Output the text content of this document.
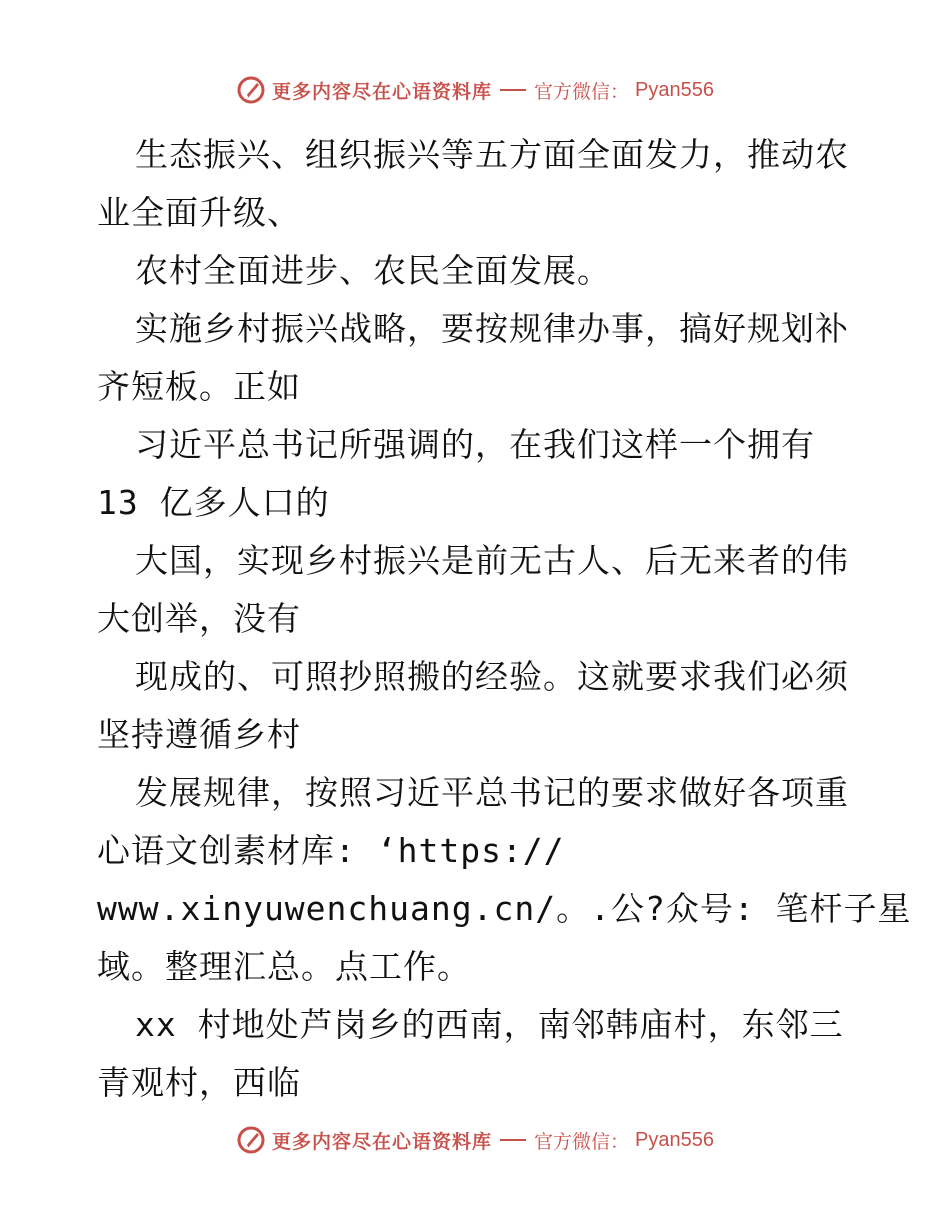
更多内容尽在心语资料库 官方微信： Pyan556
生态振兴、组织振兴等五方面全面发力，推动农
业全面升级、
农村全面进步、农民全面发展。
实施乡村振兴战略，要按规律办事，搞好规划补
齐短板。正如
习近平总书记所强调的，在我们这样一个拥有
13 亿多人口的
大国，实现乡村振兴是前无古人、后无来者的伟
大创举，没有
现成的、可照抄照搬的经验。这就要求我们必须
坚持遵循乡村
发展规律，按照习近平总书记的要求做好各项重
心语文创素材库: ‘https://
www.xinyuwenchuang.cn/。.公?众号: 笔杆子星
域。整理汇总。点工作。
xx 村地处芦岗乡的西南，南邻韩庙村，东邻三
青观村，西临
更多内容尽在心语资料库 官方微信： Pyan556
